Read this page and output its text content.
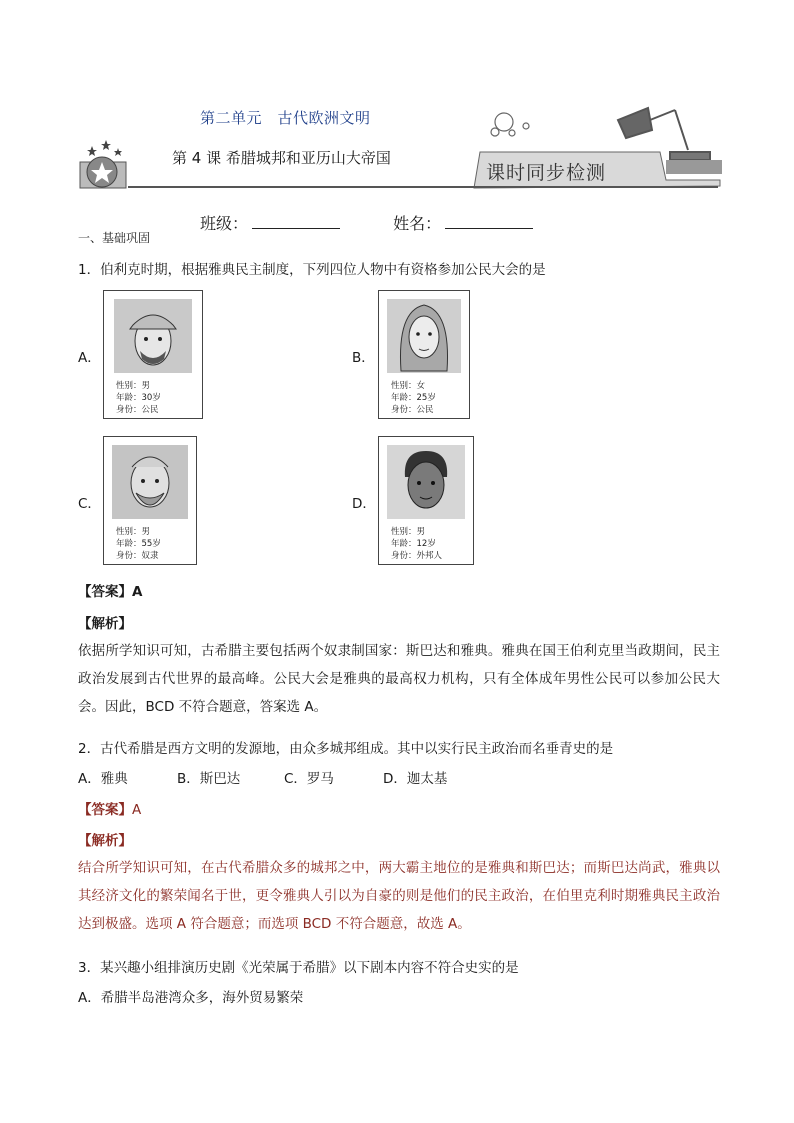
第二单元　古代欧洲文明
第 4 课 希腊城邦和亚历山大帝国
课时同步检测
班级：	姓名：
一、基础巩固
1．伯利克时期，根据雅典民主制度，下列四位人物中有资格参加公民大会的是
A．
性别：男
年龄：30岁
身份：公民
B．
性别：女
年龄：25岁
身份：公民
C．
性别：男
年龄：55岁
身份：奴隶
D．
性别：男
年龄：12岁
身份：外邦人
【答案】A
【解析】
依据所学知识可知，古希腊主要包括两个奴隶制国家：斯巴达和雅典。雅典在国王伯利克里当政期间，民主政治发展到古代世界的最高峰。公民大会是雅典的最高权力机构，只有全体成年男性公民可以参加公民大会。因此，BCD 不符合题意，答案选 A。
2．古代希腊是西方文明的发源地，由众多城邦组成。其中以实行民主政治而名垂青史的是
A．雅典	B．斯巴达	C．罗马	D．迦太基
【答案】A
【解析】
结合所学知识可知，在古代希腊众多的城邦之中，两大霸主地位的是雅典和斯巴达；而斯巴达尚武，雅典以其经济文化的繁荣闻名于世，更令雅典人引以为自豪的则是他们的民主政治，在伯里克利时期雅典民主政治达到极盛。选项 A 符合题意；而选项 BCD 不符合题意，故选 A。
3．某兴趣小组排演历史剧《光荣属于希腊》以下剧本内容不符合史实的是
A．希腊半岛港湾众多，海外贸易繁荣
